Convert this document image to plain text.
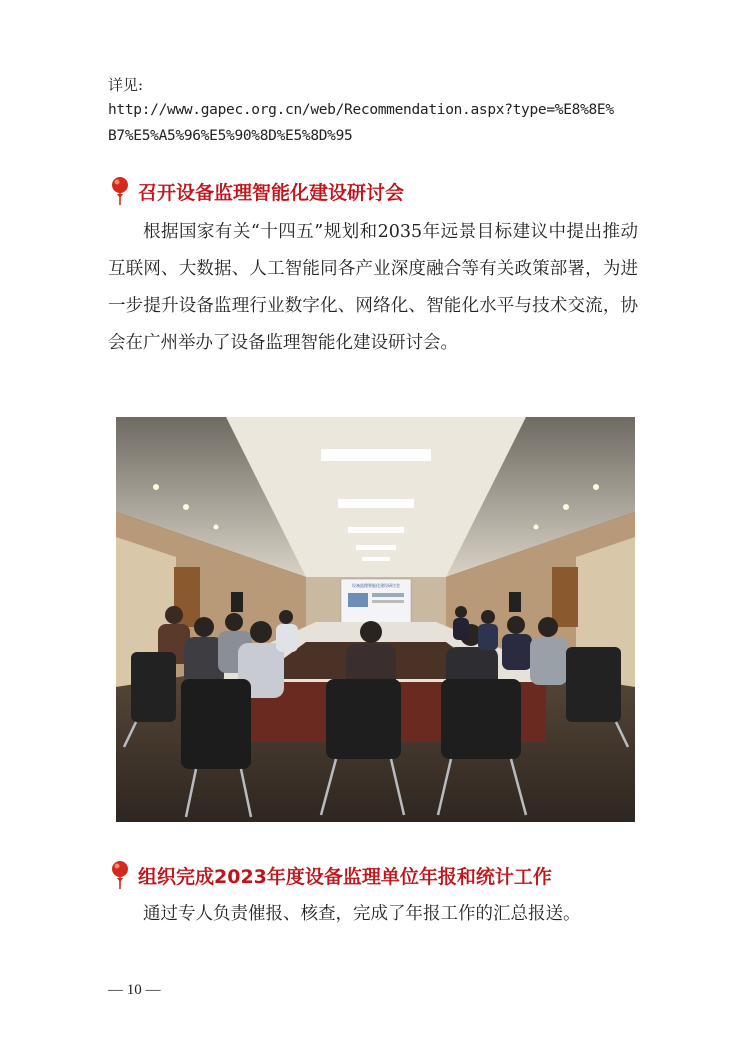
详见:
http://www.gapec.org.cn/web/Recommendation.aspx?type=%E8%8E%
B7%E5%A5%96%E5%90%8D%E5%8D%95
召开设备监理智能化建设研讨会

根据国家有关“十四五”规划和2035年远景目标建议中提出推动互联网、大数据、人工智能同各产业深度融合等有关政策部署，为进一步提升设备监理行业数字化、网络化、智能化水平与技术交流，协会在广州举办了设备监理智能化建设研讨会。

设备监理智能化建设研讨会
组织完成2023年度设备监理单位年报和统计工作

通过专人负责催报、核查，完成了年报工作的汇总报送。

— 10 —
